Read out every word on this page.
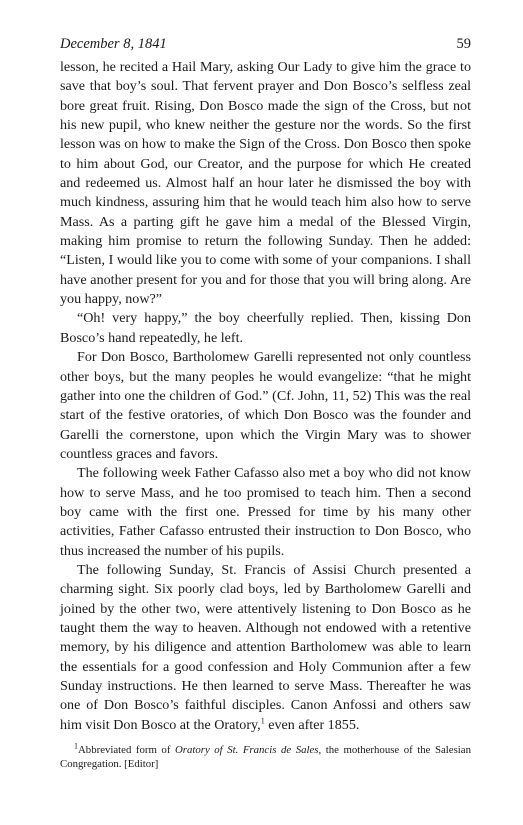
December 8, 1841	59

lesson, he recited a Hail Mary, asking Our Lady to give him the grace to save that boy’s soul. That fervent prayer and Don Bosco’s selfless zeal bore great fruit. Rising, Don Bosco made the sign of the Cross, but not his new pupil, who knew neither the gesture nor the words. So the first lesson was on how to make the Sign of the Cross. Don Bosco then spoke to him about God, our Creator, and the purpose for which He created and redeemed us. Almost half an hour later he dismissed the boy with much kindness, assuring him that he would teach him also how to serve Mass. As a parting gift he gave him a medal of the Blessed Virgin, making him promise to return the following Sunday. Then he added: “Listen, I would like you to come with some of your companions. I shall have another present for you and for those that you will bring along. Are you happy, now?”

“Oh! very happy,” the boy cheerfully replied. Then, kissing Don Bosco’s hand repeatedly, he left.

For Don Bosco, Bartholomew Garelli represented not only countless other boys, but the many peoples he would evangelize: “that he might gather into one the children of God.” (Cf. John, 11, 52) This was the real start of the festive oratories, of which Don Bosco was the founder and Garelli the cornerstone, upon which the Virgin Mary was to shower countless graces and favors.

The following week Father Cafasso also met a boy who did not know how to serve Mass, and he too promised to teach him. Then a second boy came with the first one. Pressed for time by his many other activities, Father Cafasso entrusted their instruction to Don Bosco, who thus increased the number of his pupils.

The following Sunday, St. Francis of Assisi Church presented a charming sight. Six poorly clad boys, led by Bartholomew Garelli and joined by the other two, were attentively listening to Don Bosco as he taught them the way to heaven. Although not endowed with a retentive memory, by his diligence and attention Bartholomew was able to learn the essentials for a good confession and Holy Communion after a few Sunday instructions. He then learned to serve Mass. Thereafter he was one of Don Bosco’s faithful disciples. Canon Anfossi and others saw him visit Don Bosco at the Oratory,$^1$ even after 1855.

$^1$Abbreviated form of Oratory of St. Francis de Sales, the motherhouse of the Salesian Congregation. [Editor]
